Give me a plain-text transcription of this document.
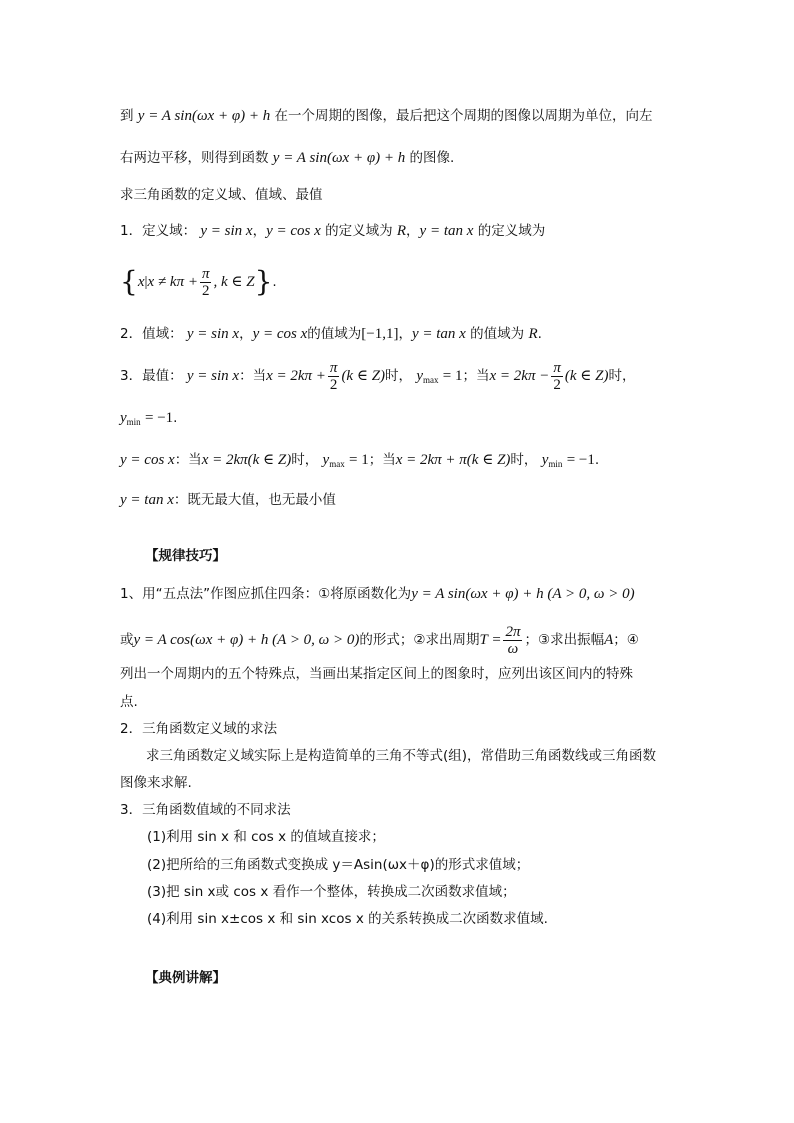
到 y = A sin(ωx + φ) + h 在一个周期的图像，最后把这个周期的图像以周期为单位，向左
右两边平移，则得到函数 y = A sin(ωx + φ) + h 的图像.
求三角函数的定义域、值域、最值
1．定义域： y = sin x，y = cos x 的定义域为 R，y = tan x 的定义域为
{$x|x \ne k\pi + \frac{\pi}{2}$ , k ∈ Z}.
2．值域： y = sin x，y = cos x的值域为[−1,1]，y = tan x 的值域为 R.
3．最值： y = sin x：当$x = 2k\pi + \frac{\pi}{2} (k$ ∈ Z)时， $y_{max} = 1$；当$x = 2k\pi - \frac{\pi}{2} (k$ ∈ Z)时，
$y_{min} = -1$.
y = cos x：当x = 2kπ(k ∈ Z)时， $y_{max} = 1$；当x = 2kπ + π(k ∈ Z)时， $y_{min} = -1$.
y = tan x：既无最大值，也无最小值
【规律技巧】
1、用“五点法”作图应抓住四条：①将原函数化为y = A sin(ωx + φ) + h (A > 0, ω > 0)
或y = A cos(ωx + φ) + h (A > 0, ω > 0)的形式；②求出周期$T = \frac{2\pi}{\omega}$ ；③求出振幅A；④
列出一个周期内的五个特殊点，当画出某指定区间上的图象时，应列出该区间内的特殊
点.
2．三角函数定义域的求法
求三角函数定义域实际上是构造简单的三角不等式(组)，常借助三角函数线或三角函数
图像来求解.
3．三角函数值域的不同求法
(1)利用 sin x 和 cos x 的值域直接求；
(2)把所给的三角函数式变换成 y＝Asin(ωx＋φ)的形式求值域；
(3)把 sin x或 cos x 看作一个整体，转换成二次函数求值域；
(4)利用 sin x±cos x 和 sin xcos x 的关系转换成二次函数求值域.
【典例讲解】
